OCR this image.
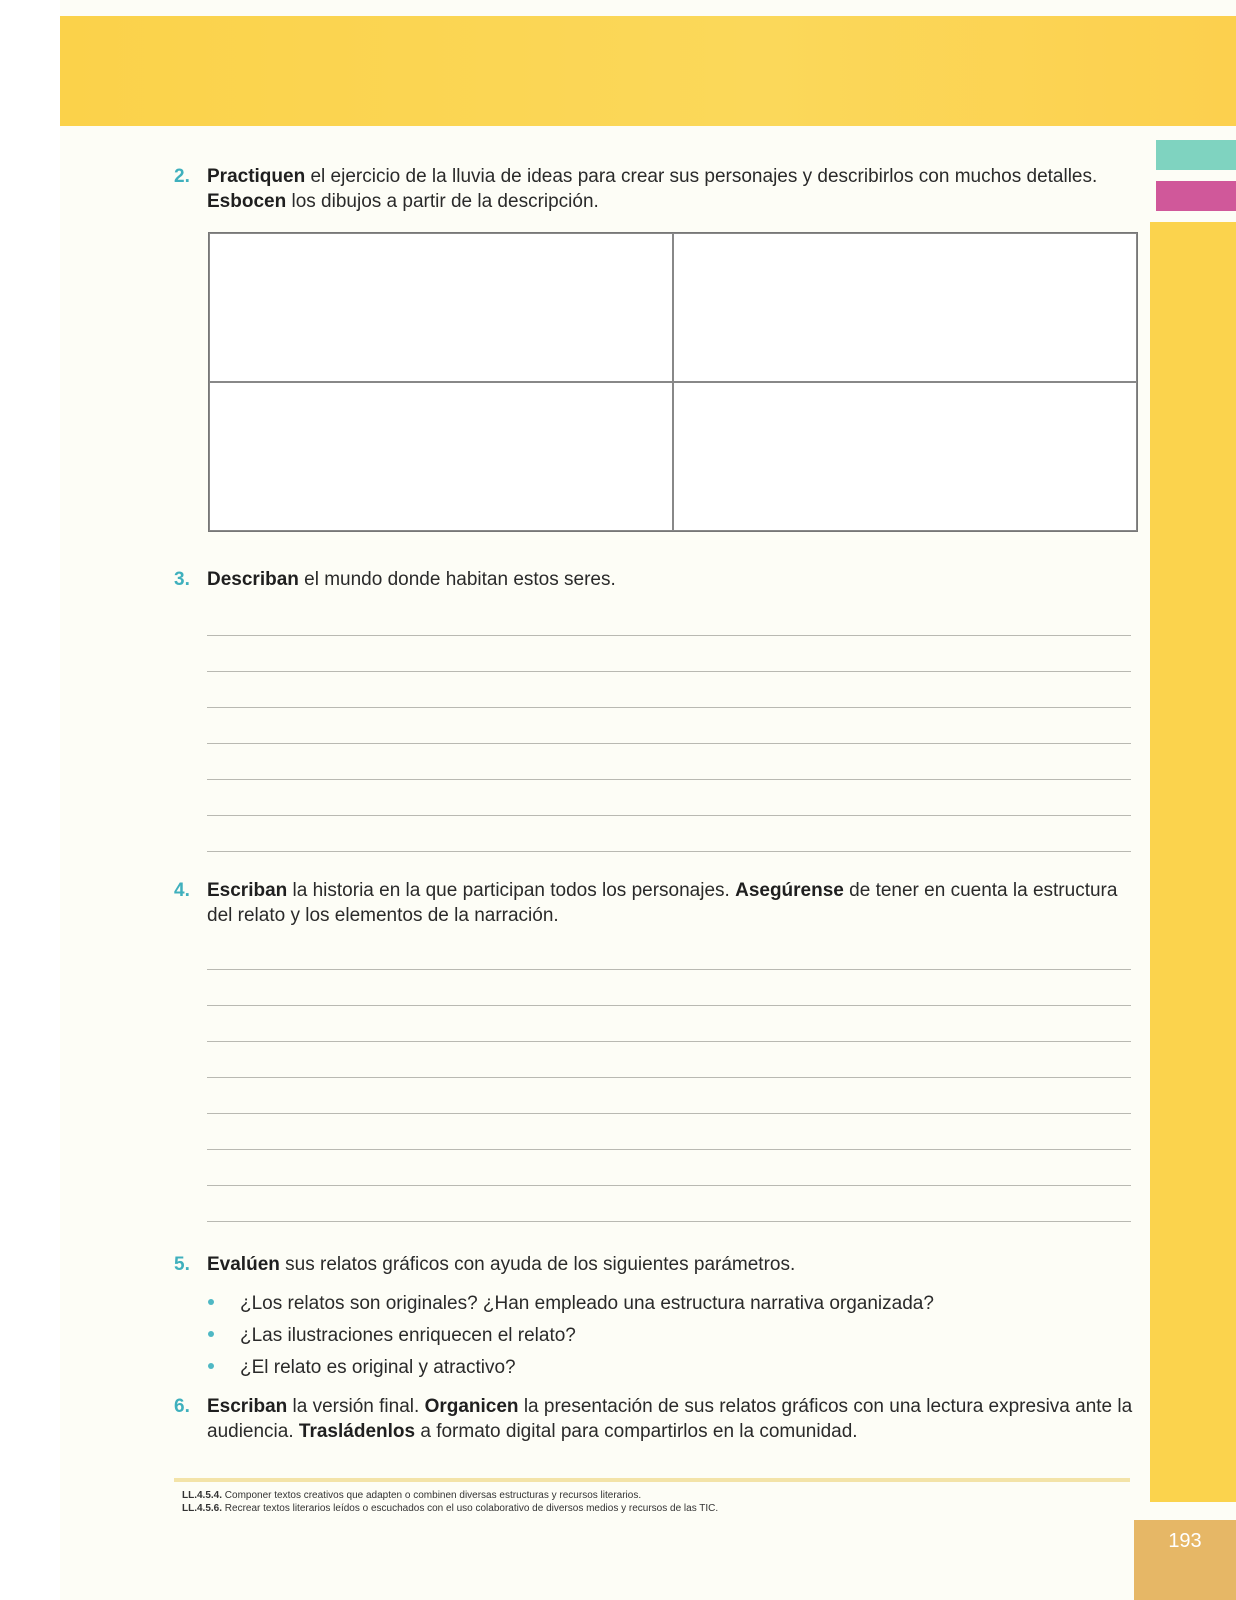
2. Practiquen el ejercicio de la lluvia de ideas para crear sus personajes y describirlos con muchos detalles. Esbocen los dibujos a partir de la descripción.
3. Describan el mundo donde habitan estos seres.
4. Escriban la historia en la que participan todos los personajes. Asegúrense de tener en cuenta la estructura del relato y los elementos de la narración.
5. Evalúen sus relatos gráficos con ayuda de los siguientes parámetros.
¿Los relatos son originales? ¿Han empleado una estructura narrativa organizada?
¿Las ilustraciones enriquecen el relato?
¿El relato es original y atractivo?
6. Escriban la versión final. Organicen la presentación de sus relatos gráficos con una lectura expresiva ante la audiencia. Trasládenlos a formato digital para compartirlos en la comunidad.
LL.4.5.4. Componer textos creativos que adapten o combinen diversas estructuras y recursos literarios.
LL.4.5.6. Recrear textos literarios leídos o escuchados con el uso colaborativo de diversos medios y recursos de las TIC.
193
